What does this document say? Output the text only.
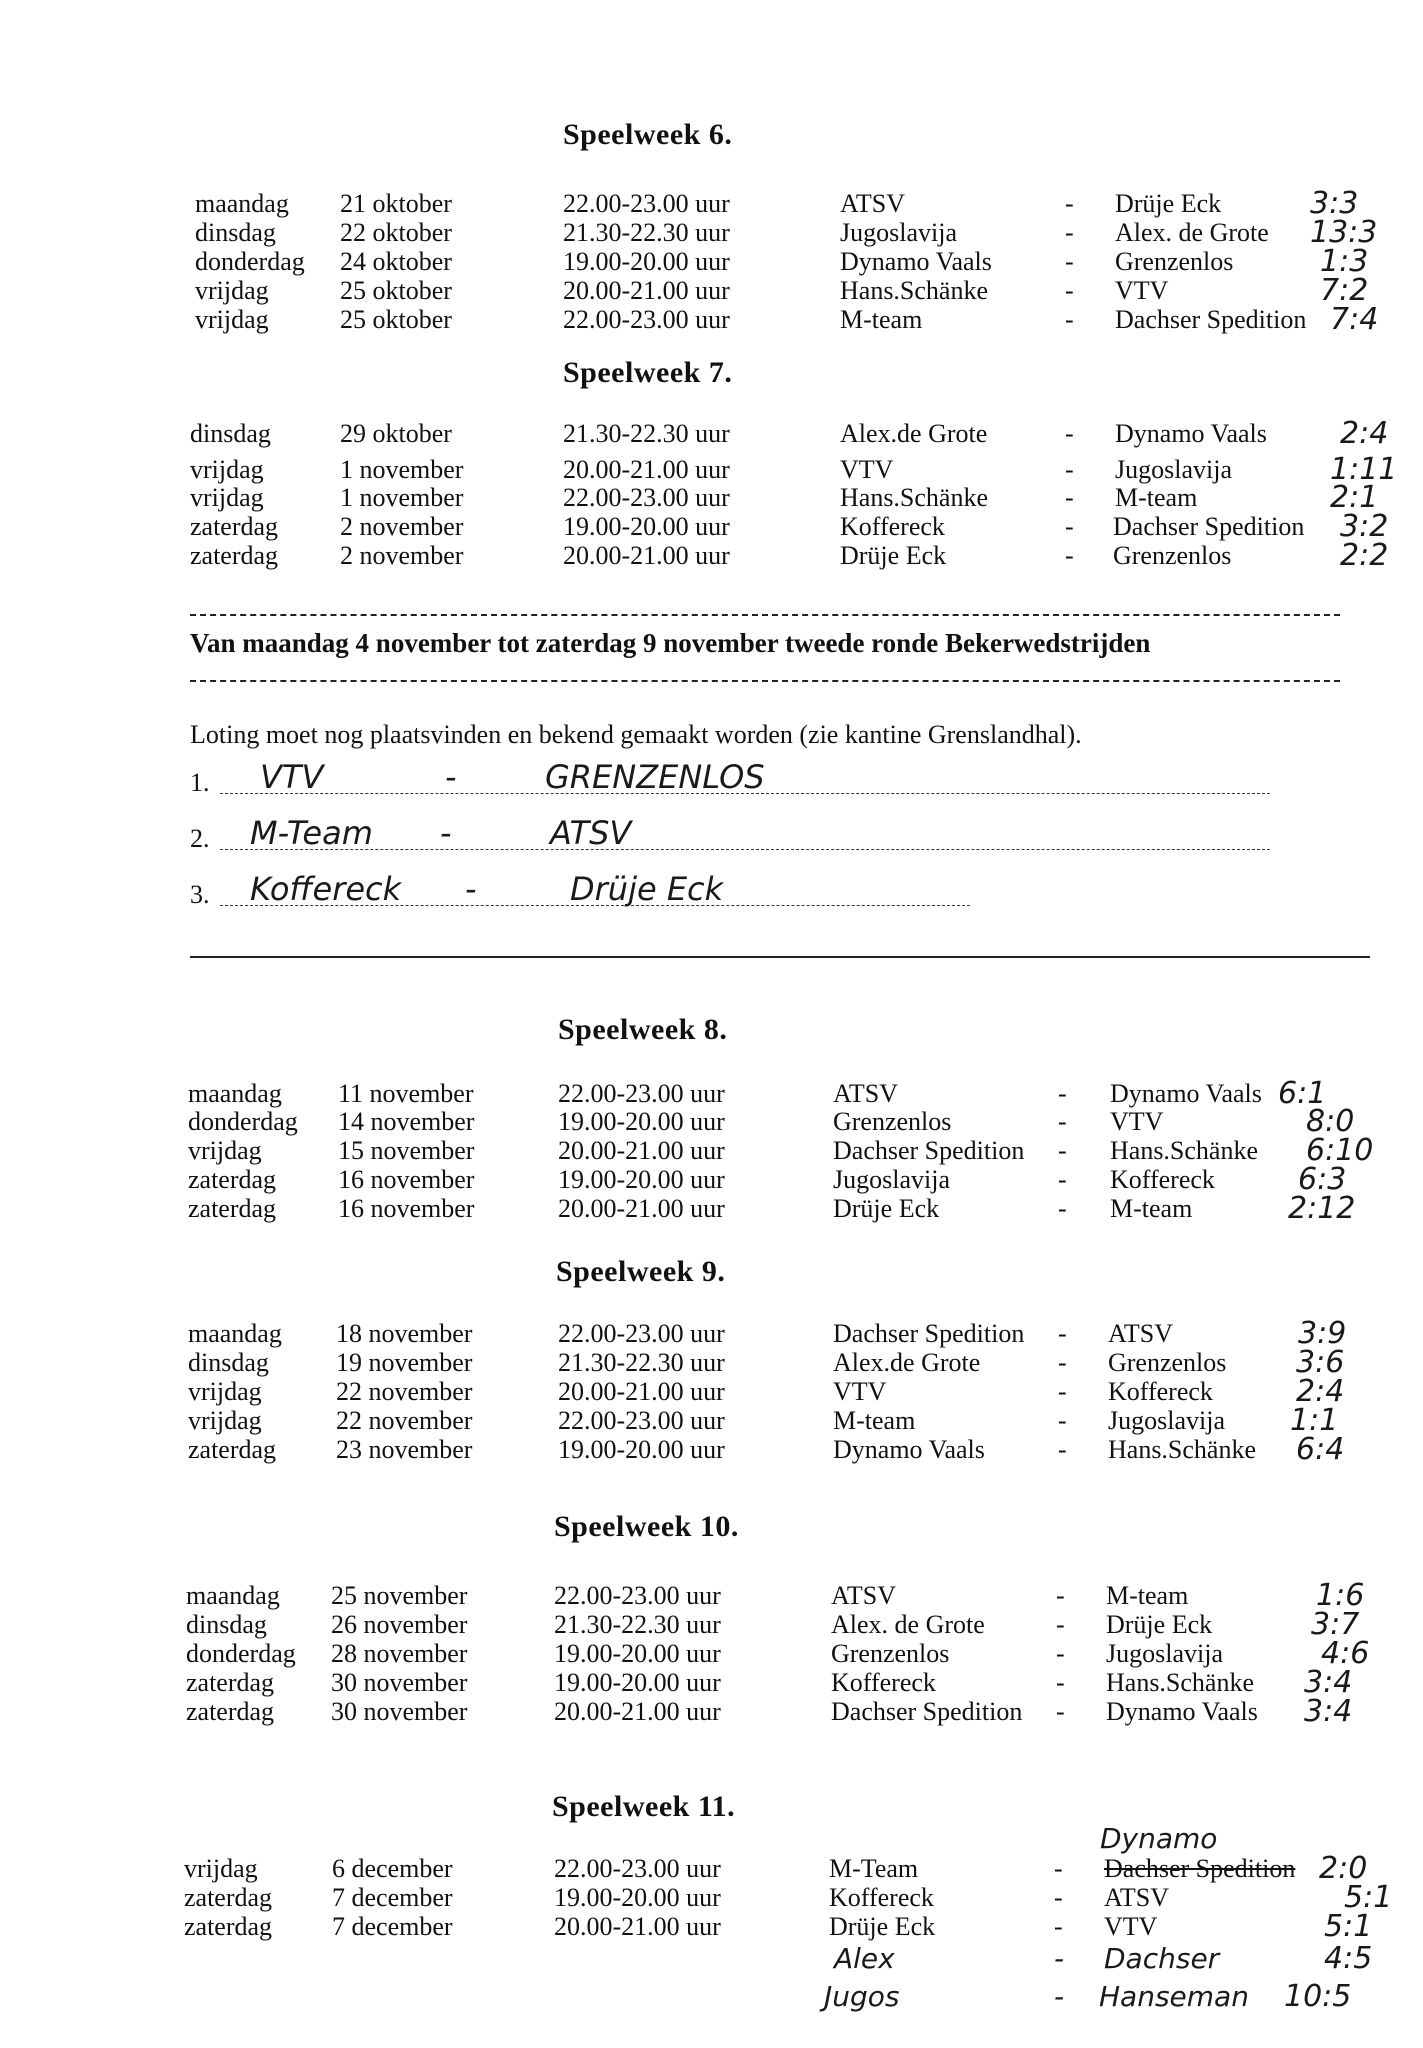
Speelweek 6.
maandag 21 oktober	22.00-23.00 uur	ATSV	- Drüje Eck	3:3
dinsdag 22 oktober	21.30-22.30 uur	Jugoslavija	- Alex. de Grote 13:3
donderdag 24 oktober	19.00-20.00 uur	Dynamo Vaals	- Grenzenlos	1:3
vrijdag	25 oktober	20.00-21.00 uur	Hans.Schänke	- VTV	7:2
vrijdag	25 oktober	22.00-23.00 uur	M-team	- Dachser Spedition 7:4
Speelweek 7.
dinsdag	29 oktober	21.30-22.30 uur	Alex.de Grote	- Dynamo Vaals 2:4
vrijdag	1 november	20.00-21.00 uur	VTV	- Jugoslavija	1:11
vrijdag	1 november	22.00-23.00 uur	Hans.Schänke	- M-team	2:1
zaterdag 2 november	19.00-20.00 uur	Koffereck	- Dachser Spedition 3:2
zaterdag 2 november	20.00-21.00 uur	Drüje Eck	- Grenzenlos	2:2
Van maandag 4 november tot zaterdag 9 november tweede ronde Bekerwedstrijden
Loting moet nog plaatsvinden en bekend gemaakt worden (zie kantine Grenslandhal).
1. VTV	-	GRENZENLOS
2. M-Team -	ATSV
3. Koffereck -	Drüje Eck
Speelweek 8.
maandag 11 november	22.00-23.00 uur	ATSV	- Dynamo Vaals 6:1
donderdag 14 november	19.00-20.00 uur	Grenzenlos	- VTV	8:0
vrijdag	15 november	20.00-21.00 uur	Dachser Spedition - Hans.Schänke 6:10
zaterdag 16 november	19.00-20.00 uur	Jugoslavija	- Koffereck	6:3
zaterdag 16 november	20.00-21.00 uur	Drüje Eck	- M-team	2:12
Speelweek 9.
maandag 18 november	22.00-23.00 uur	Dachser Spedition - ATSV	3:9
dinsdag	19 november	21.30-22.30 uur	Alex.de Grote	- Grenzenlos 3:6
vrijdag	22 november	20.00-21.00 uur	VTV	- Koffereck	2:4
vrijdag	22 november	22.00-23.00 uur	M-team	- Jugoslavija 1:1
zaterdag 23 november	19.00-20.00 uur	Dynamo Vaals	- Hans.Schänke 6:4
Speelweek 10.
maandag 25 november	22.00-23.00 uur	ATSV	- M-team	1:6
dinsdag 26 november	21.30-22.30 uur	Alex. de Grote	- Drüje Eck	3:7
donderdag 28 november	19.00-20.00 uur	Grenzenlos	- Jugoslavija	4:6
zaterdag 30 november	19.00-20.00 uur	Koffereck	- Hans.Schänke 3:4
zaterdag 30 november	20.00-21.00 uur	Dachser Spedition - Dynamo Vaals 3:4
Speelweek 11.
Dynamo
vrijdag	6 december	22.00-23.00 uur	M-Team	- Dachser Spedition 2:0
zaterdag 7 december	19.00-20.00 uur	Koffereck	- ATSV	5:1
zaterdag 7 december	20.00-21.00 uur	Drüje Eck	- VTV	5:1
Alex	- Dachser	4:5
Jugos	- Hanseman 10:5
